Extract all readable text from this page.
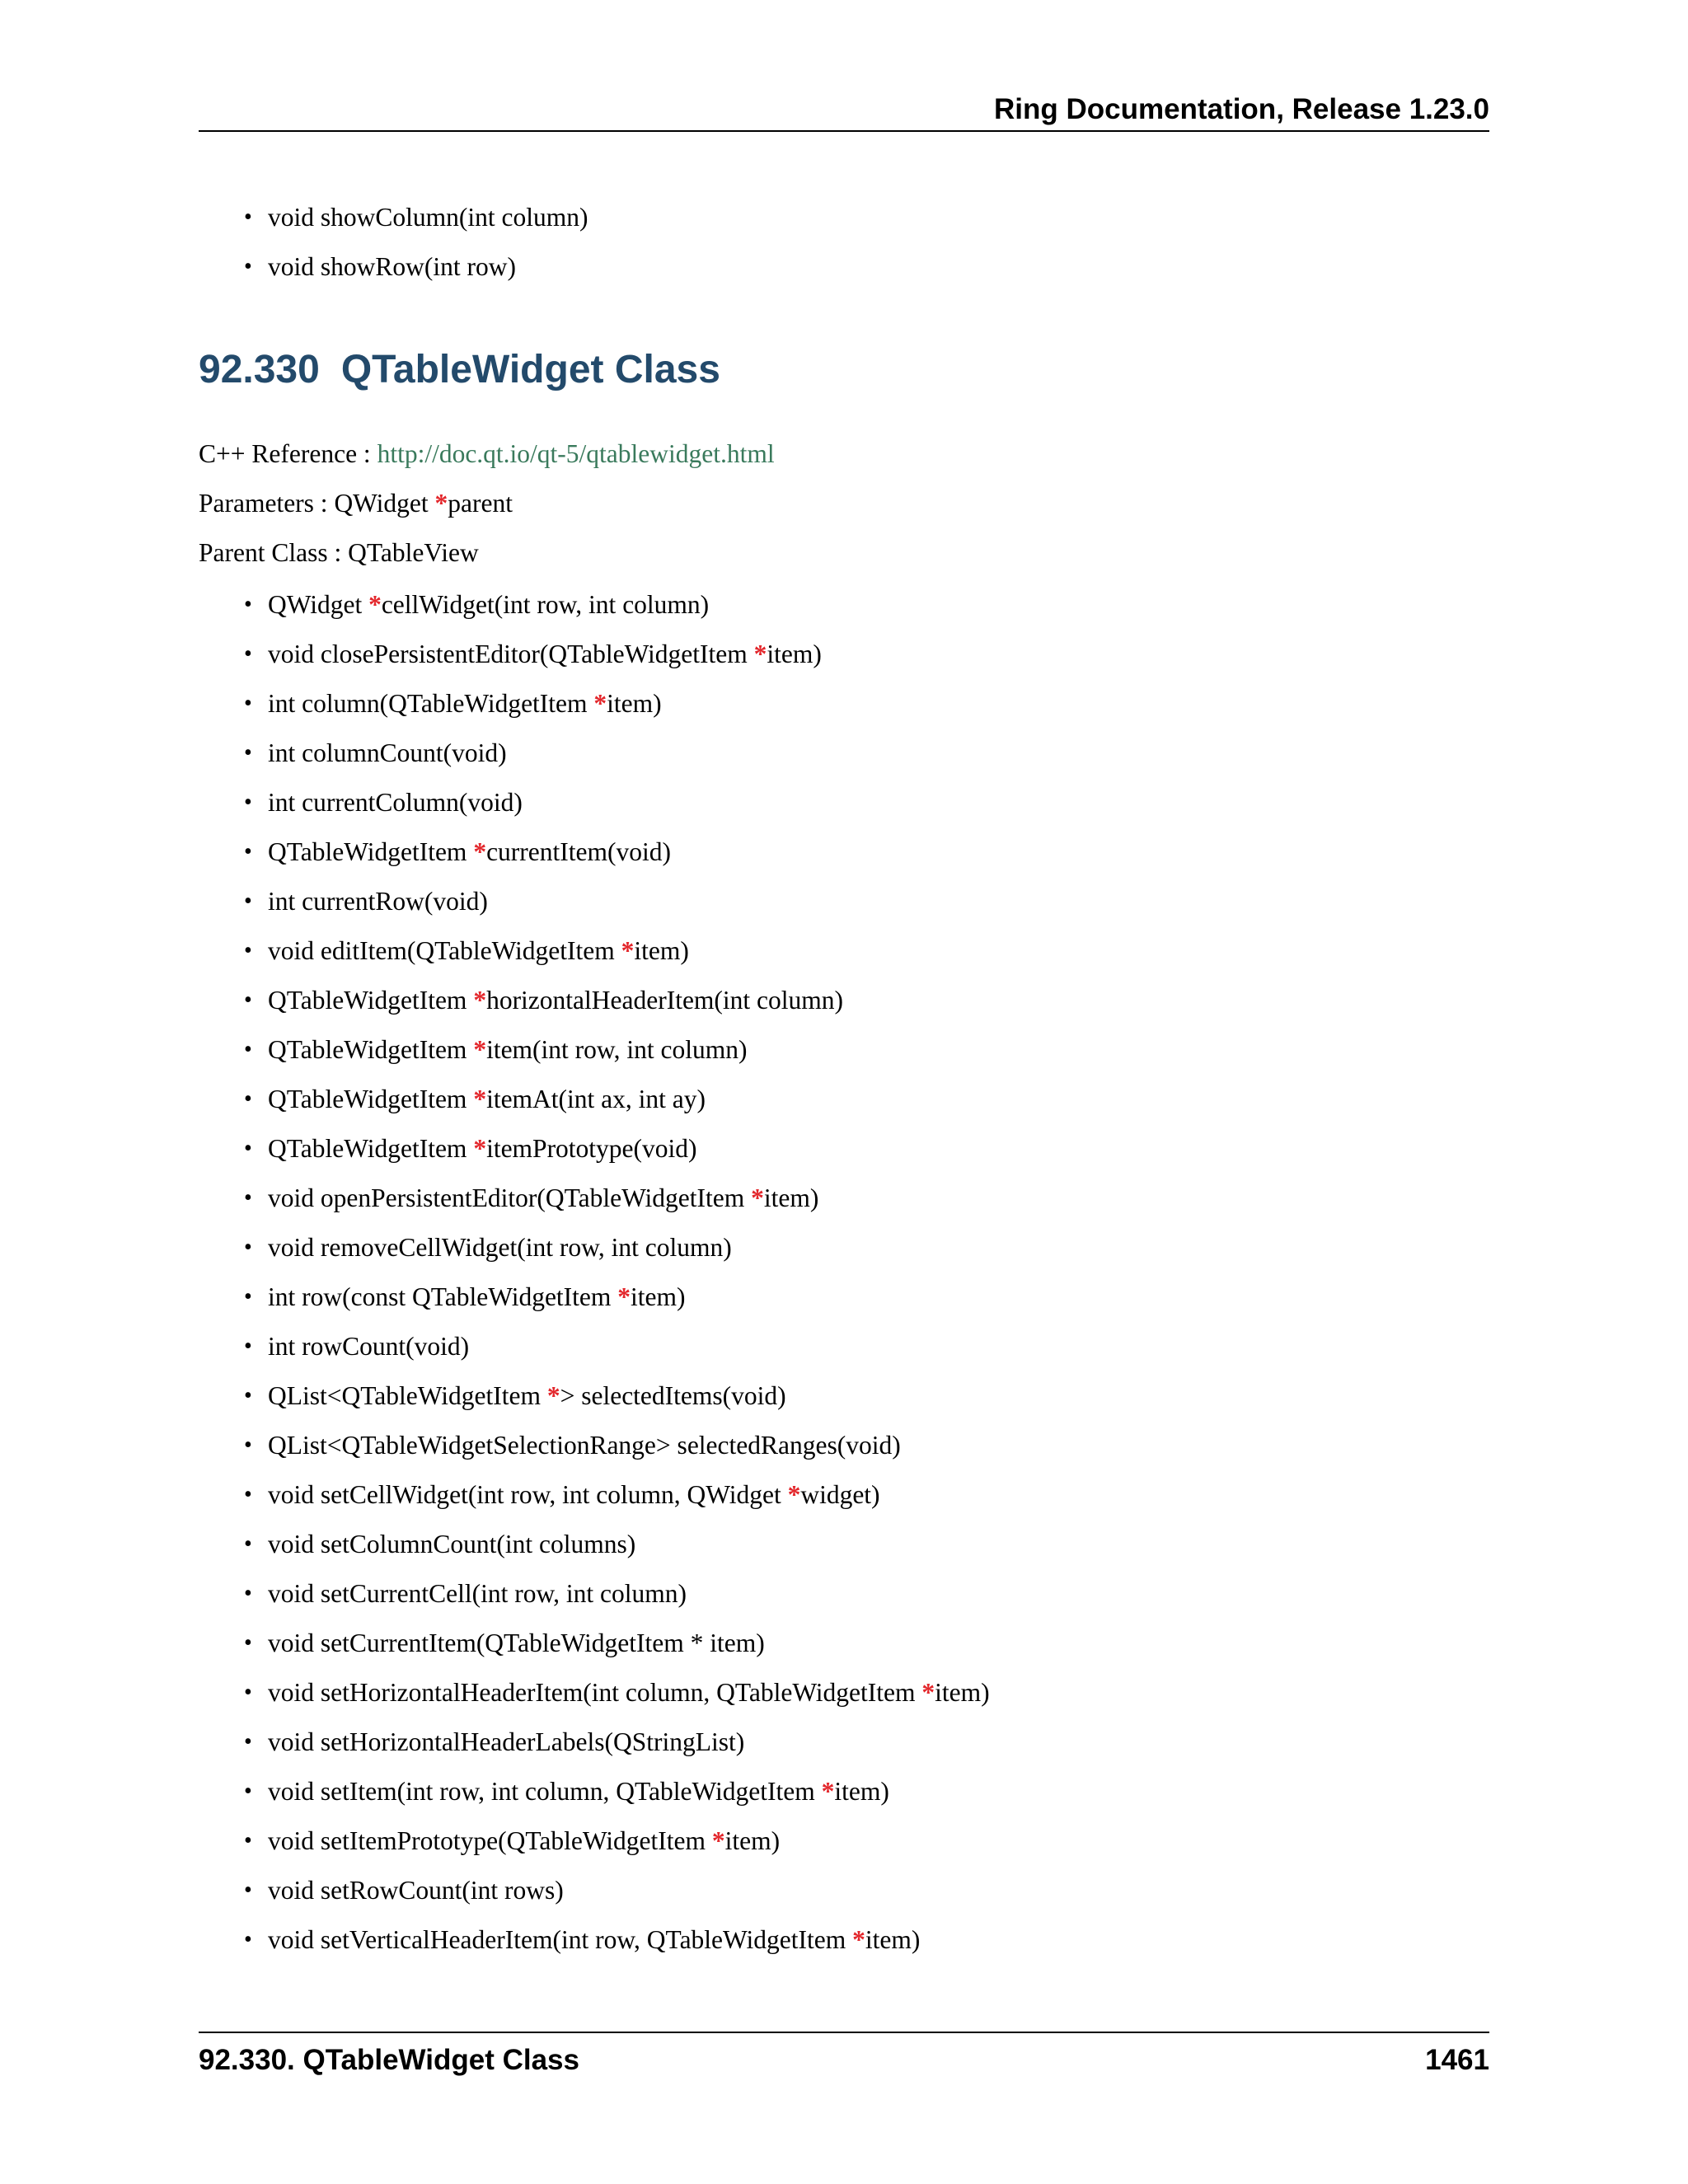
Ring Documentation, Release 1.23.0
• void showColumn(int column)
• void showRow(int row)
92.330 QTableWidget Class

C++ Reference : http://doc.qt.io/qt-5/qtablewidget.html

Parameters : QWidget *parent

Parent Class : QTableView

• QWidget *cellWidget(int row, int column)
• void closePersistentEditor(QTableWidgetItem *item)
• int column(QTableWidgetItem *item)
• int columnCount(void)
• int currentColumn(void)
• QTableWidgetItem *currentItem(void)
• int currentRow(void)
• void editItem(QTableWidgetItem *item)
• QTableWidgetItem *horizontalHeaderItem(int column)
• QTableWidgetItem *item(int row, int column)
• QTableWidgetItem *itemAt(int ax, int ay)
• QTableWidgetItem *itemPrototype(void)
• void openPersistentEditor(QTableWidgetItem *item)
• void removeCellWidget(int row, int column)
• int row(const QTableWidgetItem *item)
• int rowCount(void)
• QList<QTableWidgetItem *> selectedItems(void)
• QList<QTableWidgetSelectionRange> selectedRanges(void)
• void setCellWidget(int row, int column, QWidget *widget)
• void setColumnCount(int columns)
• void setCurrentCell(int row, int column)
• void setCurrentItem(QTableWidgetItem * item)
• void setHorizontalHeaderItem(int column, QTableWidgetItem *item)
• void setHorizontalHeaderLabels(QStringList)
• void setItem(int row, int column, QTableWidgetItem *item)
• void setItemPrototype(QTableWidgetItem *item)
• void setRowCount(int rows)
• void setVerticalHeaderItem(int row, QTableWidgetItem *item)
92.330. QTableWidget Class	1461
